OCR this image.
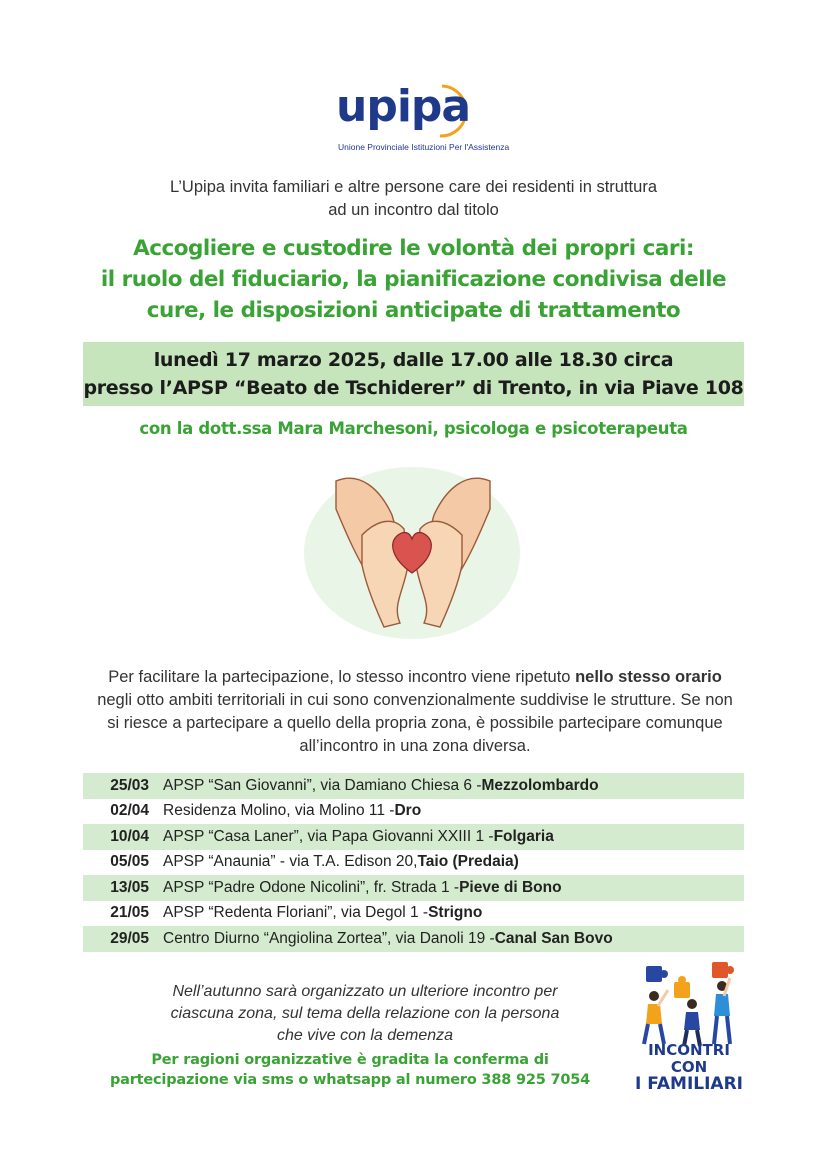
upipa
Unione Provinciale Istituzioni Per l'Assistenza
L’Upipa invita familiari e altre persone care dei residenti in struttura
ad un incontro dal titolo
Accogliere e custodire le volontà dei propri cari:
il ruolo del fiduciario, la pianificazione condivisa delle
cure, le disposizioni anticipate di trattamento
lunedì 17 marzo 2025, dalle 17.00 alle 18.30 circa
presso l’APSP “Beato de Tschiderer” di Trento, in via Piave 108
con la dott.ssa Mara Marchesoni, psicologa e psicoterapeuta
Per facilitare la partecipazione, lo stesso incontro viene ripetuto nello stesso orario negli otto ambiti territoriali in cui sono convenzionalmente suddivise le strutture. Se non si riesce a partecipare a quello della propria zona, è possibile partecipare comunque all’incontro in una zona diversa.
25/03 APSP “San Giovanni”, via Damiano Chiesa 6 - Mezzolombardo
02/04 Residenza Molino, via Molino 11 - Dro
10/04 APSP “Casa Laner”, via Papa Giovanni XXIII 1 - Folgaria
05/05 APSP “Anaunia” - via T.A. Edison 20, Taio (Predaia)
13/05 APSP “Padre Odone Nicolini”, fr. Strada 1 - Pieve di Bono
21/05 APSP “Redenta Floriani”, via Degol 1 - Strigno
29/05 Centro Diurno “Angiolina Zortea”, via Danoli 19 - Canal San Bovo
Nell’autunno sarà organizzato un ulteriore incontro per
ciascuna zona, sul tema della relazione con la persona
che vive con la demenza
Per ragioni organizzative è gradita la conferma di
partecipazione via sms o whatsapp al numero 388 925 7054
INCONTRI CON
I FAMILIARI
